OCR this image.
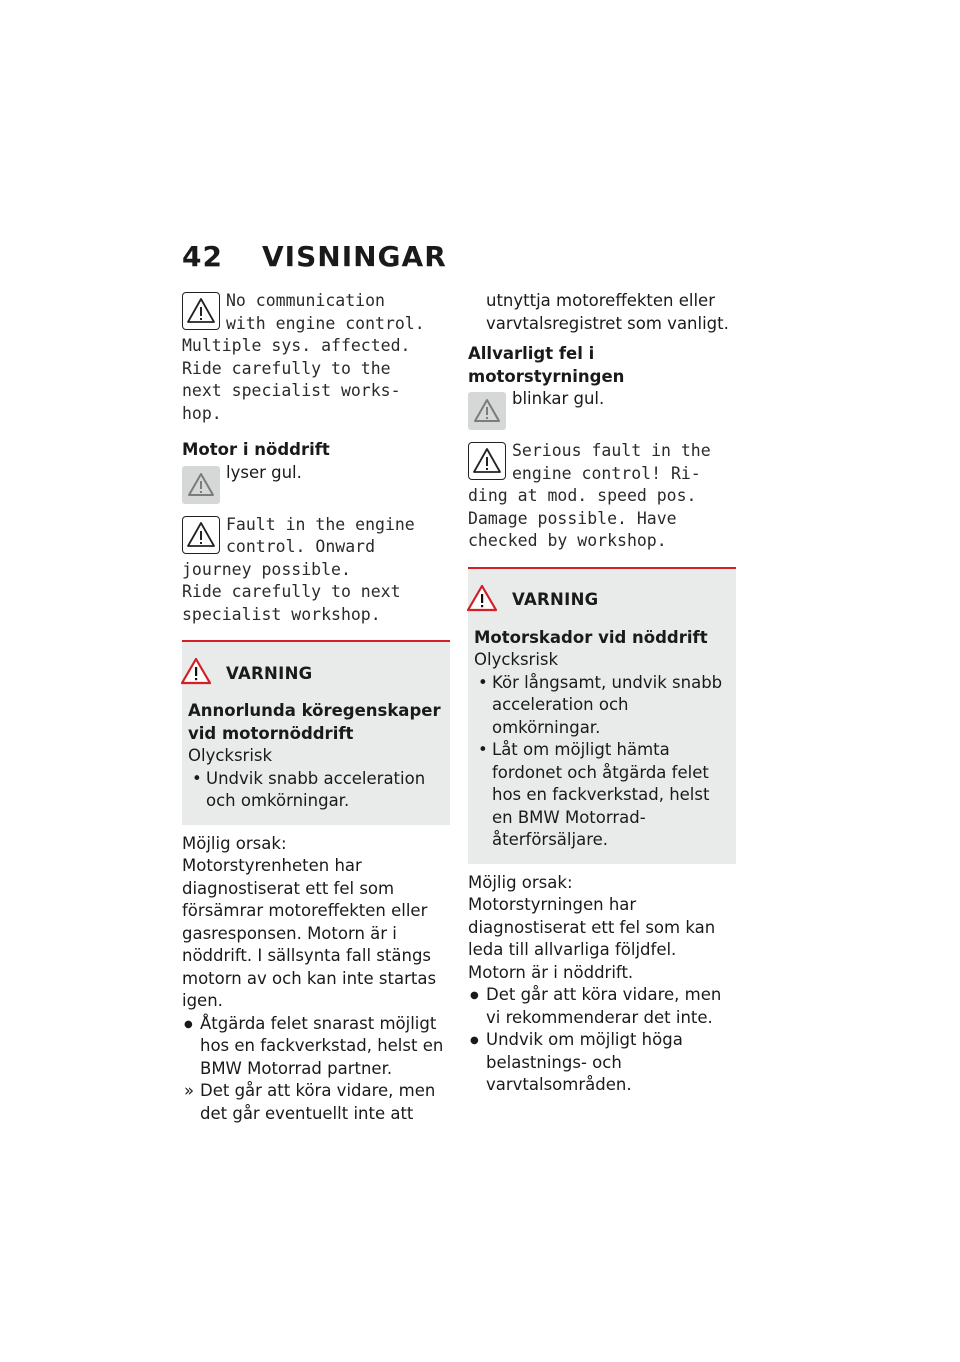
42 VISNINGAR

No communication
with engine control.
Multiple sys. affected.
Ride carefully to the
next specialist works-
hop.

Motor i nöddrift

lyser gul.

Fault in the engine
control. Onward
journey possible.
Ride carefully to next
specialist workshop.

VARNING

Annorlunda köregenskaper vid motornöddrift

Olycksrisk

• Undvik snabb acceleration och omkörningar.

Möjlig orsak:

Motorstyrenheten har diagnostiserat ett fel som försämrar motoreffekten eller gasresponsen. Motorn är i nöddrift. I sällsynta fall stängs motorn av och kan inte startas igen.

● Åtgärda felet snarast möjligt hos en fackverkstad, helst en BMW Motorrad partner.
» Det går att köra vidare, men det går eventuellt inte att
utnyttja motoreffekten eller varvtalsregistret som vanligt.

Allvarligt fel i motorstyrningen

blinkar gul.

Serious fault in the
engine control! Ri-
ding at mod. speed pos.
Damage possible. Have
checked by workshop.

VARNING

Motorskador vid nöddrift

Olycksrisk

• Kör långsamt, undvik snabb acceleration och omkörningar.
• Låt om möjligt hämta fordonet och åtgärda felet hos en fackverkstad, helst en BMW Motorrad-återförsäljare.

Möjlig orsak:

Motorstyrningen har diagnostiserat ett fel som kan leda till allvarliga följdfel. Motorn är i nöddrift.

● Det går att köra vidare, men vi rekommenderar det inte.
● Undvik om möjligt höga belastnings- och varvtalsområden.
